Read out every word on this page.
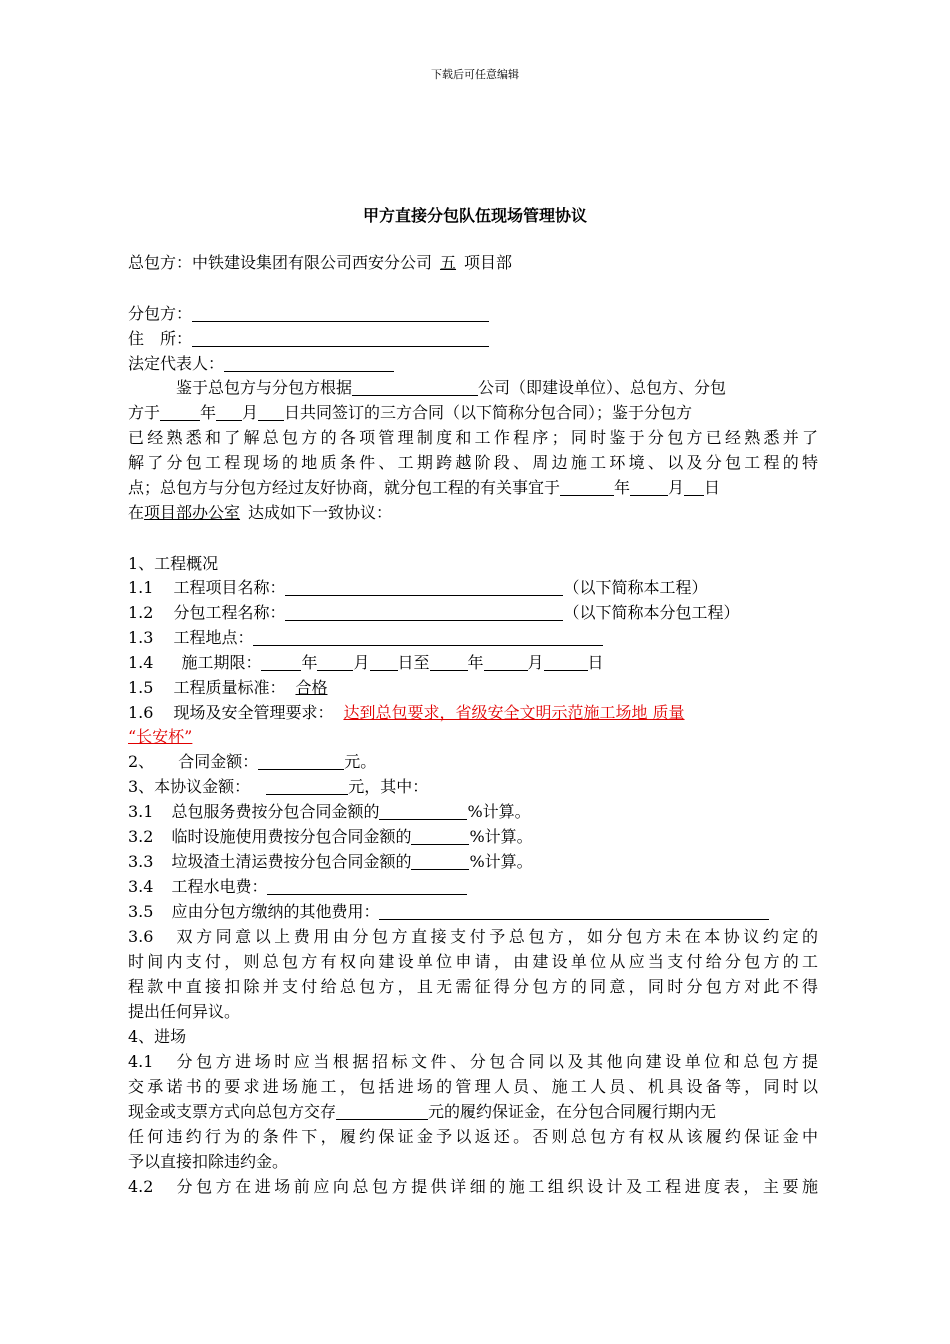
下载后可任意编辑
甲方直接分包队伍现场管理协议
总包方：中铁建设集团有限公司西安分公司 五 项目部
分包方：
住　所：
法定代表人：
鉴于总包方与分包方根据	公司（即建设单位）、总包方、分包
方于	年 月 日共同签订的三方合同（以下简称分包合同）；鉴于分包方
已经熟悉和了解总包方的各项管理制度和工作程序；同时鉴于分包方已经熟悉并了
解了分包工程现场的地质条件、工期跨越阶段、周边施工环境、以及分包工程的特
点；总包方与分包方经过友好协商，就分包工程的有关事宜于	年 月 日
在项目部办公室 达成如下一致协议：
1、工程概况
1.1 工程项目名称：	（以下简称本工程）
1.2 分包工程名称：	（以下简称本分包工程）
1.3 工程地点：
1.4 施工期限：	年 月 日至 年	月	日
1.5 工程质量标准： 合格
1.6 现场及安全管理要求： 达到总包要求，省级安全文明示范施工场地 质量
“长安杯”
2、 合同金额：	元。
3、本协议金额：	元，其中：
3.1 总包服务费按分包合同金额的	%计算。
3.2 临时设施使用费按分包合同金额的	%计算。
3.3 垃圾渣土清运费按分包合同金额的	%计算。
3.4 工程水电费：
3.5 应由分包方缴纳的其他费用：
3.6　双方同意以上费用由分包方直接支付予总包方，如分包方未在本协议约定的
时间内支付，则总包方有权向建设单位申请，由建设单位从应当支付给分包方的工
程款中直接扣除并支付给总包方，且无需征得分包方的同意，同时分包方对此不得
提出任何异议。
4、进场
4.1　分包方进场时应当根据招标文件、分包合同以及其他向建设单位和总包方提
交承诺书的要求进场施工，包括进场的管理人员、施工人员、机具设备等，同时以
现金或支票方式向总包方交存	元的履约保证金，在分包合同履行期内无
任何违约行为的条件下，履约保证金予以返还。否则总包方有权从该履约保证金中
予以直接扣除违约金。
4.2　分包方在进场前应向总包方提供详细的施工组织设计及工程进度表，主要施
